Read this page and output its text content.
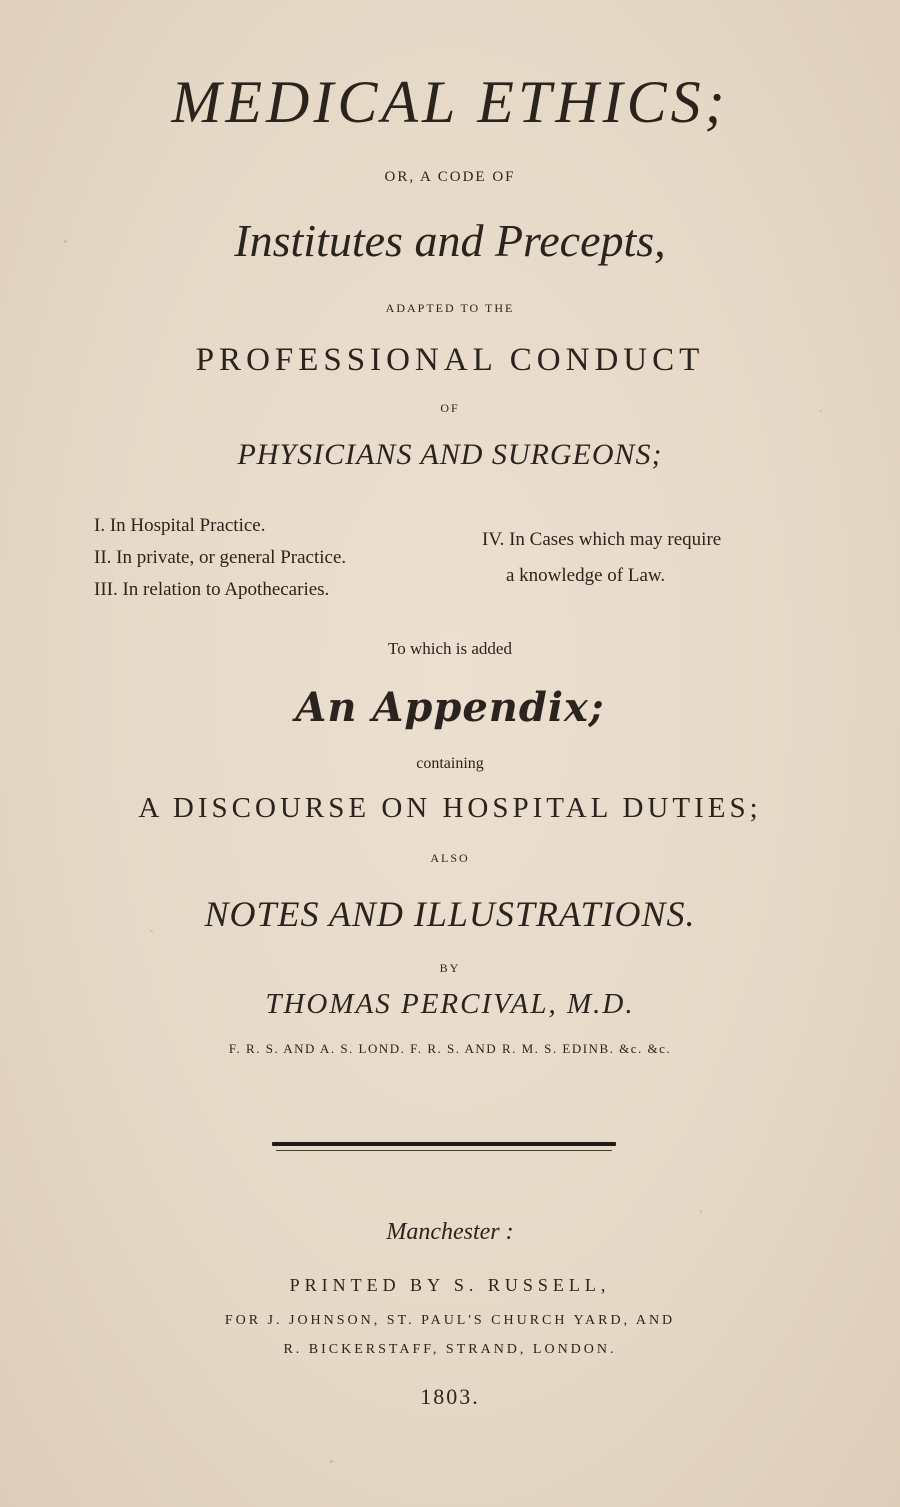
MEDICAL ETHICS;
OR, A CODE OF
Institutes and Precepts,
ADAPTED TO THE
PROFESSIONAL CONDUCT
OF
PHYSICIANS AND SURGEONS;
I. In Hospital Practice.
II. In private, or general Practice.
III. In relation to Apothecaries.
IV. In Cases which may require
a knowledge of Law.
To which is added
An Appendix;
containing
A DISCOURSE ON HOSPITAL DUTIES;
ALSO
NOTES AND ILLUSTRATIONS.
BY
THOMAS PERCIVAL, M.D.
F. R. S. AND A. S. LOND. F. R. S. AND R. M. S. EDINB. &c. &c.
Manchester :
PRINTED BY S. RUSSELL,
FOR J. JOHNSON, ST. PAUL'S CHURCH YARD, AND
R. BICKERSTAFF, STRAND, LONDON.
1803.
